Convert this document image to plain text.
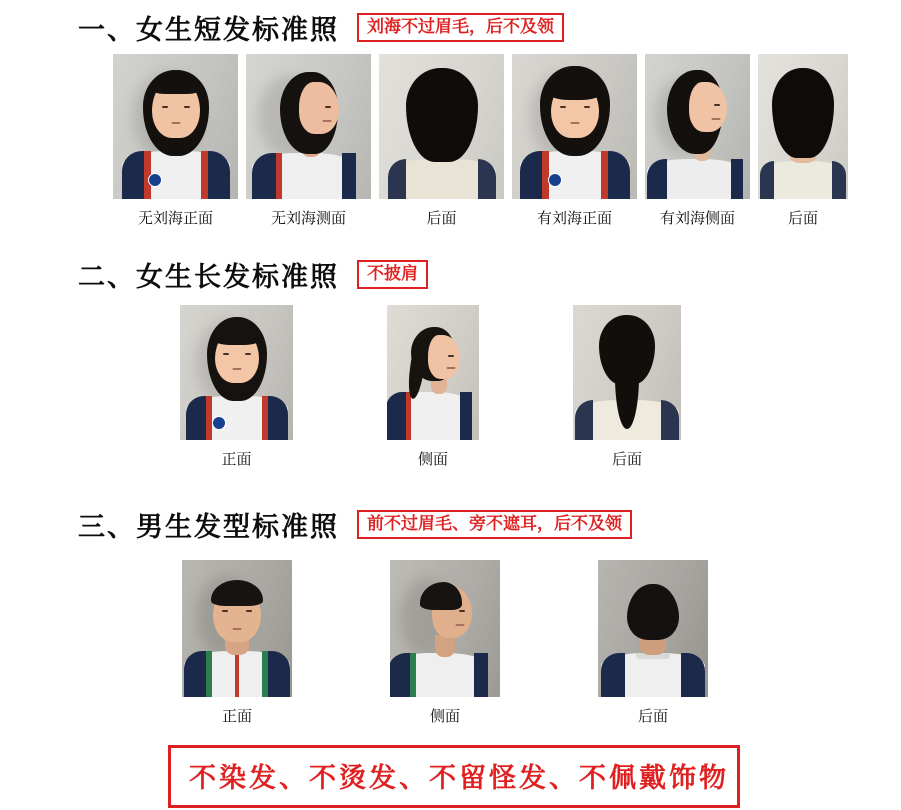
一、女生短发标准照	刘海不过眉毛，后不及领
无刘海正面	无刘海测面	后面	有刘海正面	有刘海侧面	后面
二、女生长发标准照	不披肩
正面	侧面	后面
三、男生发型标准照	前不过眉毛、旁不遮耳，后不及领
正面	侧面	后面
不染发、不烫发、不留怪发、不佩戴饰物
